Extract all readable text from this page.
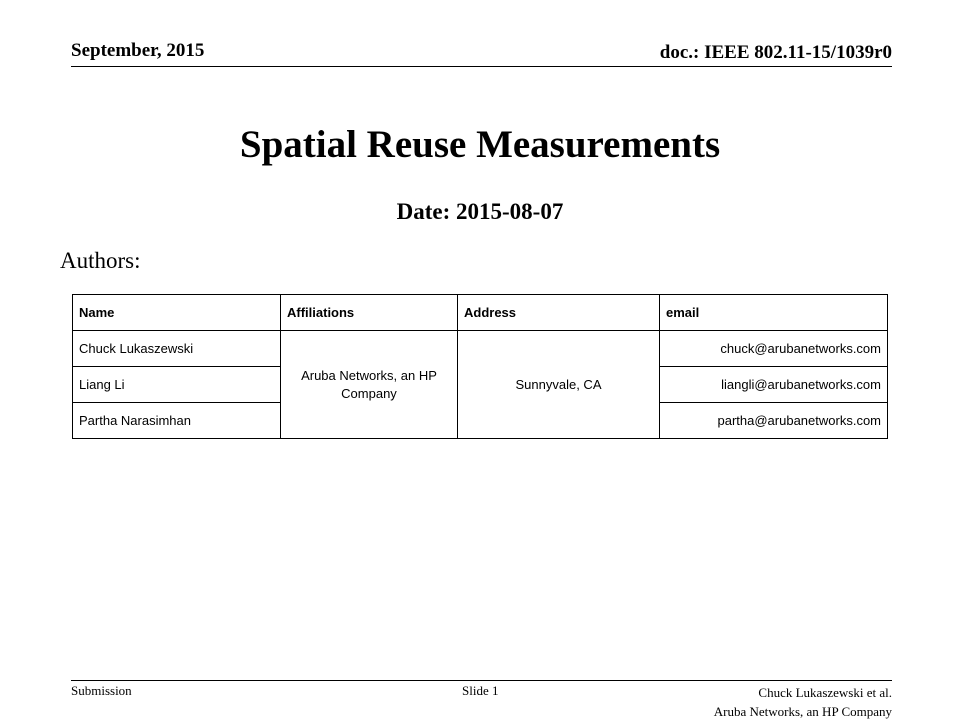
September, 2015	doc.: IEEE 802.11-15/1039r0
Spatial Reuse Measurements
Date: 2015-08-07
Authors:
Name	Affiliations	Address	email
Chuck Lukaszewski	Aruba Networks, an HP Company	Sunnyvale, CA	chuck@arubanetworks.com
Liang Li			liangli@arubanetworks.com
Partha Narasimhan			partha@arubanetworks.com
Submission	Slide 1	Chuck Lukaszewski et al.
Aruba Networks, an HP Company
